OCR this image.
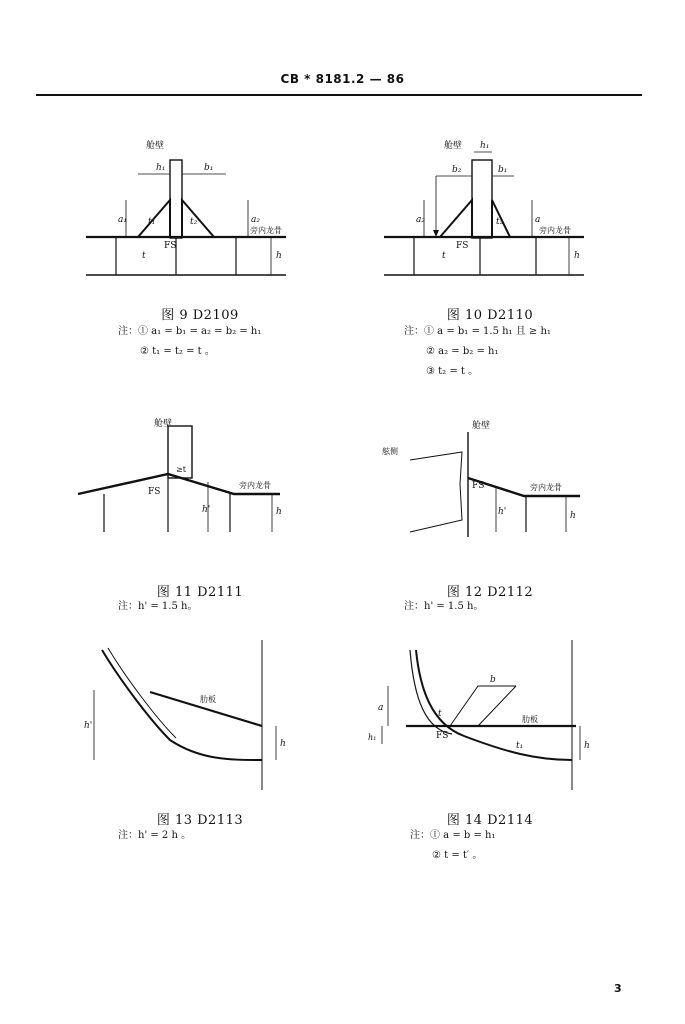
CB * 8181.2 — 86
舱壁
h₁	b₁
a₁	a₂
t₁	t₂
t
FS
旁内龙骨
h
图 9 D2109
注：① a₁ = b₁ = a₂ = b₂ = h₁
② t₁ = t₂ = t 。
舱壁 h₁
b₂	b₁
a₂	a
t₂
t
FS
旁内龙骨
h
图 10 D2110
注：① a = b₁ = 1.5 h₁ 且 ≥ h₁
② a₂ = b₂ = h₁
③ t₂ = t 。
舱壁
≥t
FS
旁内龙骨
h'	h
图 11 D2111
注：h' = 1.5 h。
舱壁
舷侧
FS	旁内龙骨
h'	h
图 12 D2112
注：h' = 1.5 h。
肋板
h'
h
图 13 D2113
注：h' = 2 h 。
a
h₁
b
t
t₁
FS
肋板
h
图 14 D2114
注：① a = b = h₁
② t = t′ 。
3
